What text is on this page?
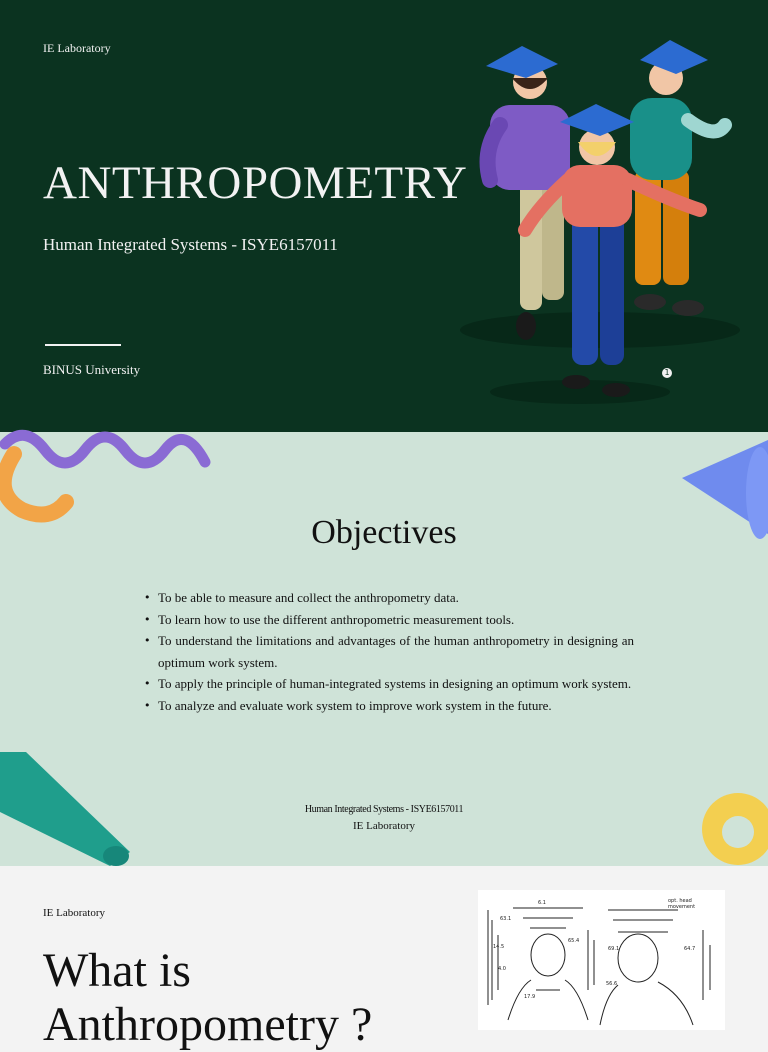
IE Laboratory
ANTHROPOMETRY
Human Integrated Systems - ISYE6157011
BINUS University	1
Objectives
• To be able to measure and collect the anthropometry data.
• To learn how to use the different anthropometric measurement tools.
• To understand the limitations and advantages of the human anthropometry in designing an optimum work system.
• To apply the principle of human-integrated systems in designing an optimum work system.
• To analyze and evaluate work system to improve work system in the future.
Human Integrated Systems - ISYE6157011
IE Laboratory
IE Laboratory
What is Anthropometry ?
6.1
63.1
14.5
65.4
4.0
17.9
opt. head
movement
64.7
69.1
56.6
